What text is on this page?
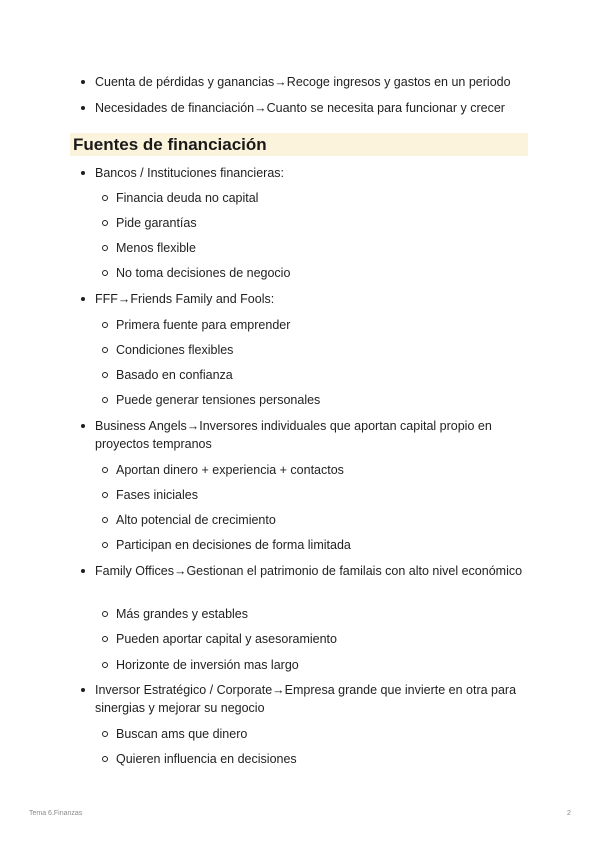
Cuenta de pérdidas y ganancias→Recoge ingresos y gastos en un periodo
Necesidades de financiación→Cuanto se necesita para funcionar y crecer
Fuentes de financiación
Bancos / Instituciones financieras:
Financia deuda no capital
Pide garantías
Menos flexible
No toma decisiones de negocio
FFF→Friends Family and Fools:
Primera fuente para emprender
Condiciones flexibles
Basado en confianza
Puede generar tensiones personales
Business Angels→Inversores individuales que aportan capital propio en proyectos tempranos
Aportan dinero + experiencia + contactos
Fases iniciales
Alto potencial de crecimiento
Participan en decisiones de forma limitada
Family Offices→Gestionan el patrimonio de familais con alto nivel económico
Más grandes y estables
Pueden aportar capital y asesoramiento
Horizonte de inversión mas largo
Inversor Estratégico / Corporate→Empresa grande que invierte en otra para sinergias y mejorar su negocio
Buscan ams que dinero
Quieren influencia en decisiones
Tema 6.Finanzas	2
